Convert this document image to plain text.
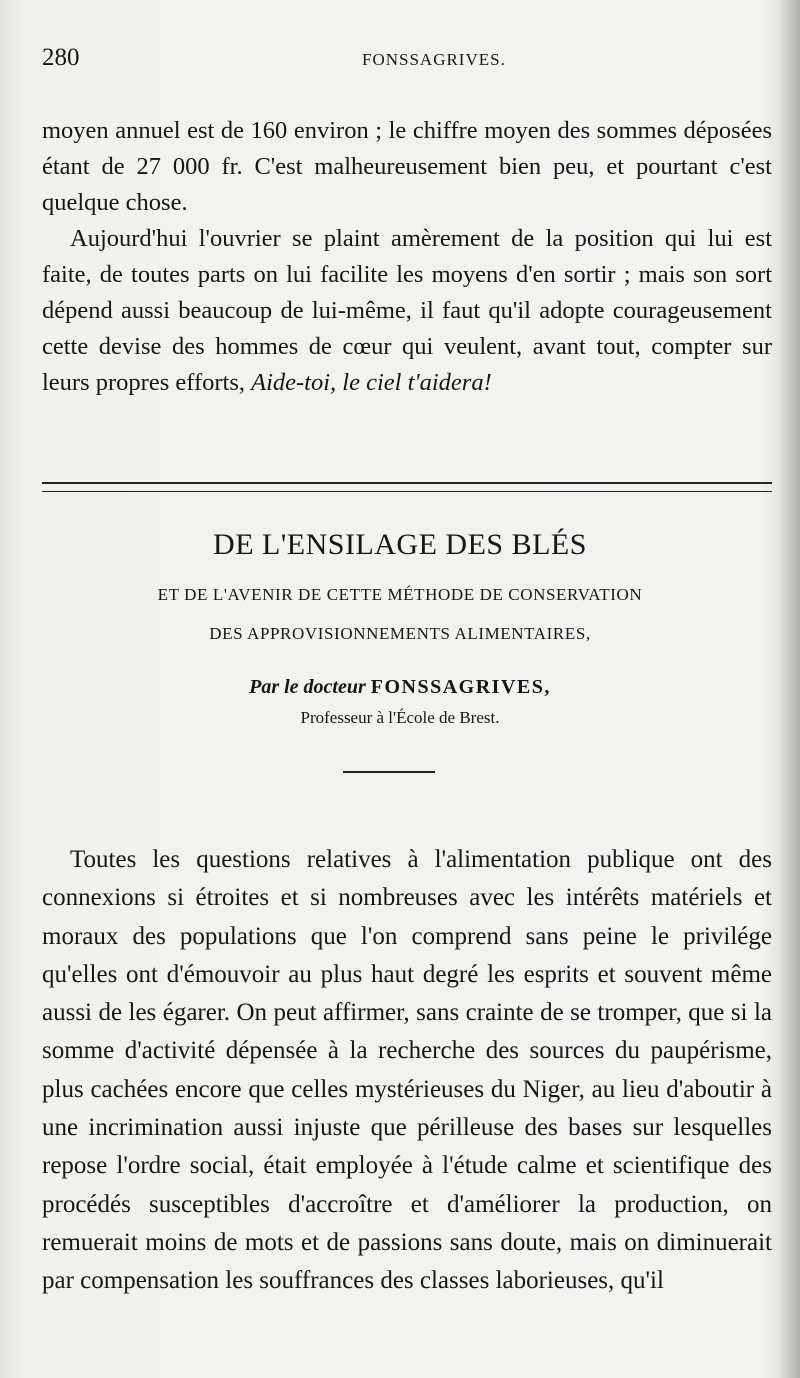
280	FONSSAGRIVES.

moyen annuel est de 160 environ ; le chiffre moyen des sommes déposées étant de 27 000 fr. C'est malheureusement bien peu, et pourtant c'est quelque chose.

Aujourd'hui l'ouvrier se plaint amèrement de la position qui lui est faite, de toutes parts on lui facilite les moyens d'en sortir ; mais son sort dépend aussi beaucoup de lui-même, il faut qu'il adopte courageusement cette devise des hommes de cœur qui veulent, avant tout, compter sur leurs propres efforts, Aide-toi, le ciel t'aidera!

DE L'ENSILAGE DES BLÉS
ET DE L'AVENIR DE CETTE MÉTHODE DE CONSERVATION
DES APPROVISIONNEMENTS ALIMENTAIRES,
Par le docteur FONSSAGRIVES,
Professeur à l'École de Brest.

Toutes les questions relatives à l'alimentation publique ont des connexions si étroites et si nombreuses avec les intérêts matériels et moraux des populations que l'on comprend sans peine le privilége qu'elles ont d'émouvoir au plus haut degré les esprits et souvent même aussi de les égarer. On peut affirmer, sans crainte de se tromper, que si la somme d'activité dépensée à la recherche des sources du paupérisme, plus cachées encore que celles mystérieuses du Niger, au lieu d'aboutir à une incrimination aussi injuste que périlleuse des bases sur lesquelles repose l'ordre social, était employée à l'étude calme et scientifique des procédés susceptibles d'accroître et d'améliorer la production, on remuerait moins de mots et de passions sans doute, mais on diminuerait par compensation les souffrances des classes laborieuses, qu'il
